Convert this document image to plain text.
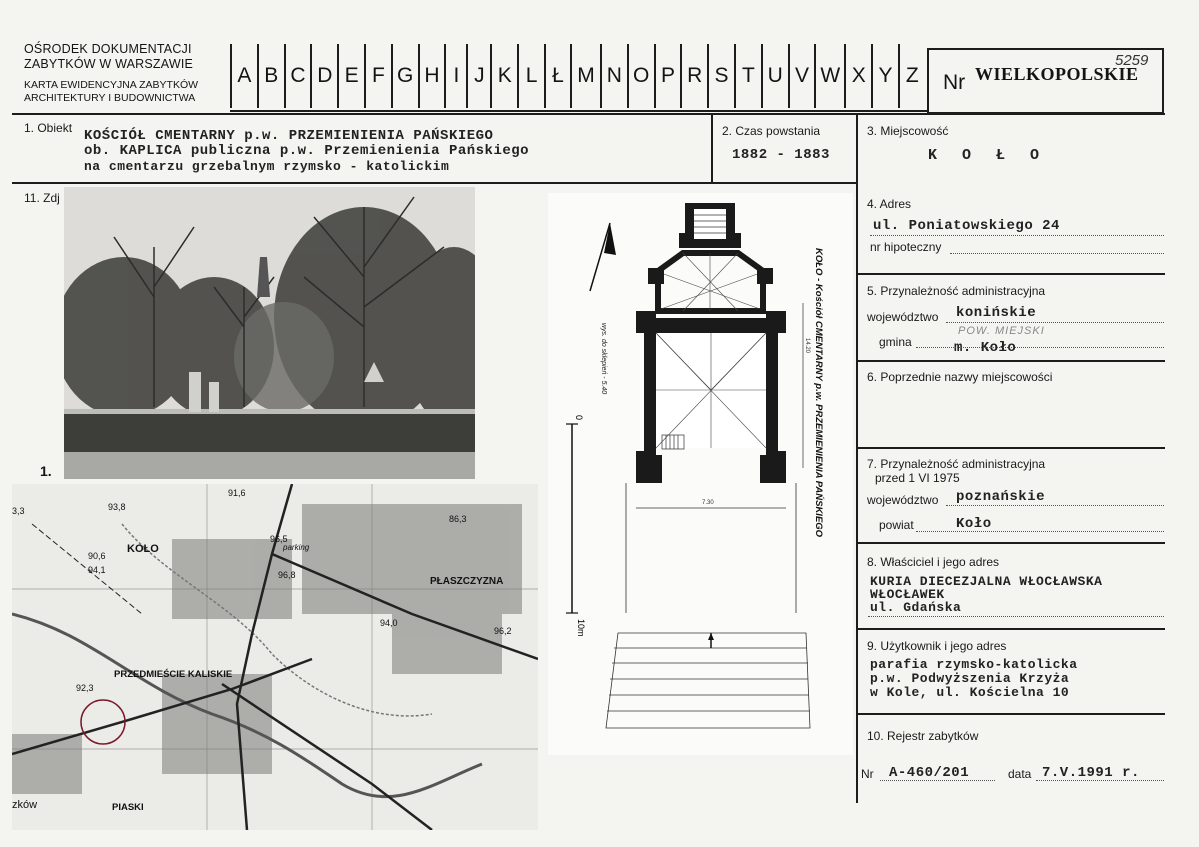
OŚRODEK DOKUMENTACJI
ZABYTKÓW W WARSZAWIE
KARTA EWIDENCYJNA ZABYTKÓW
ARCHITEKTURY I BUDOWNICTWA
A B C D E F G H I J K L Ł M N O P R S T U V W X Y Z Nr WIELKOPOLSKIE
5259
1. Obiekt KOŚCIÓŁ CMENTARNY p.w. PRZEMIENIENIA PAŃSKIEGO
ob. KAPLICA publiczna p.w. Przemienienia Pańskiego
na cmentarzu grzebalnym rzymsko - katolickim
2. Czas powstania
1882 - 1883
3. Miejscowość
K O Ł O
4. Adres
ul. Poniatowskiego 24
nr hipoteczny
5. Przynależność administracyjna
województwo konińskie
POW. MIEJSKI
gmina	m. Koło
6. Poprzednie nazwy miejscowości
7. Przynależność administracyjna
przed 1 VI 1975
województwo poznańskie
powiat	Koło
8. Właściciel i jego adres
KURIA DIECEZJALNA WŁOCŁAWSKA
WŁOCŁAWEK
ul. Gdańska
9. Użytkownik i jego adres
parafia rzymsko-katolicka
p.w. Podwyższenia Krzyża
w Kole, ul. Kościelna 10
10. Rejestr zabytków
Nr A-460/201	data 7.V.1991 r.
11. Zdj
1.
93,8
91,6
86,3
94,1
96,5
96,8
PŁASZCZYZNA
94,0
96,2
PRZEDMIEŚCIE KALISKIE
92,3
PIASKI
KOŁO	parking
zków
3,3
90,6
7.30
14.20
0
10m
wys. do sklepień - 5.40	KOŁO - Kościół CMENTARNY p.w. PRZEMIENIENIA PAŃSKIEGO
